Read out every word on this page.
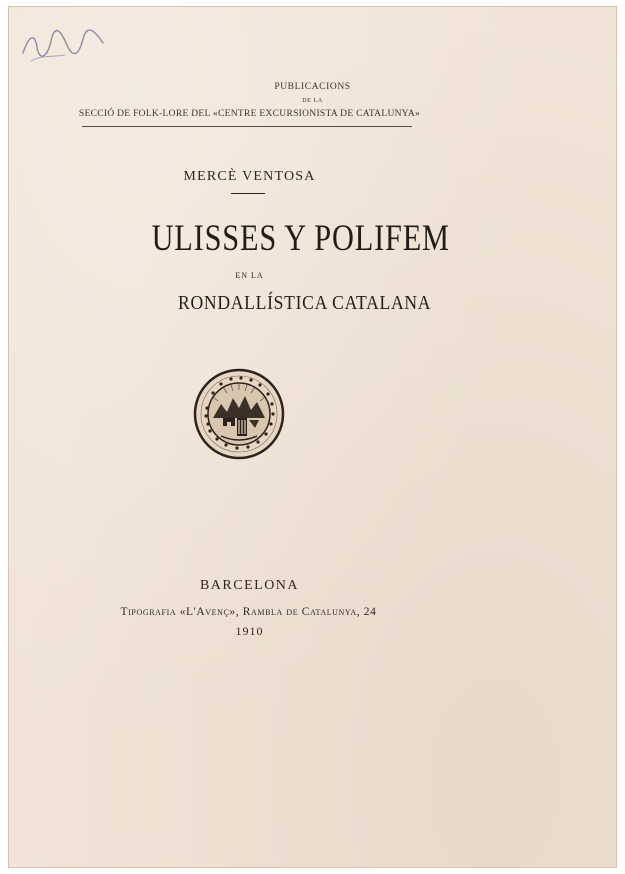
PUBLICACIONS
DE LA
SECCIÓ DE FOLK-LORE DEL «CENTRE EXCURSIONISTA DE CATALUNYA»
MERCÈ VENTOSA
ULISSES Y POLIFEM
EN LA
RONDALLÍSTICA CATALANA
BARCELONA
Tipografia «L'Avenç», Rambla de Catalunya, 24
1910
